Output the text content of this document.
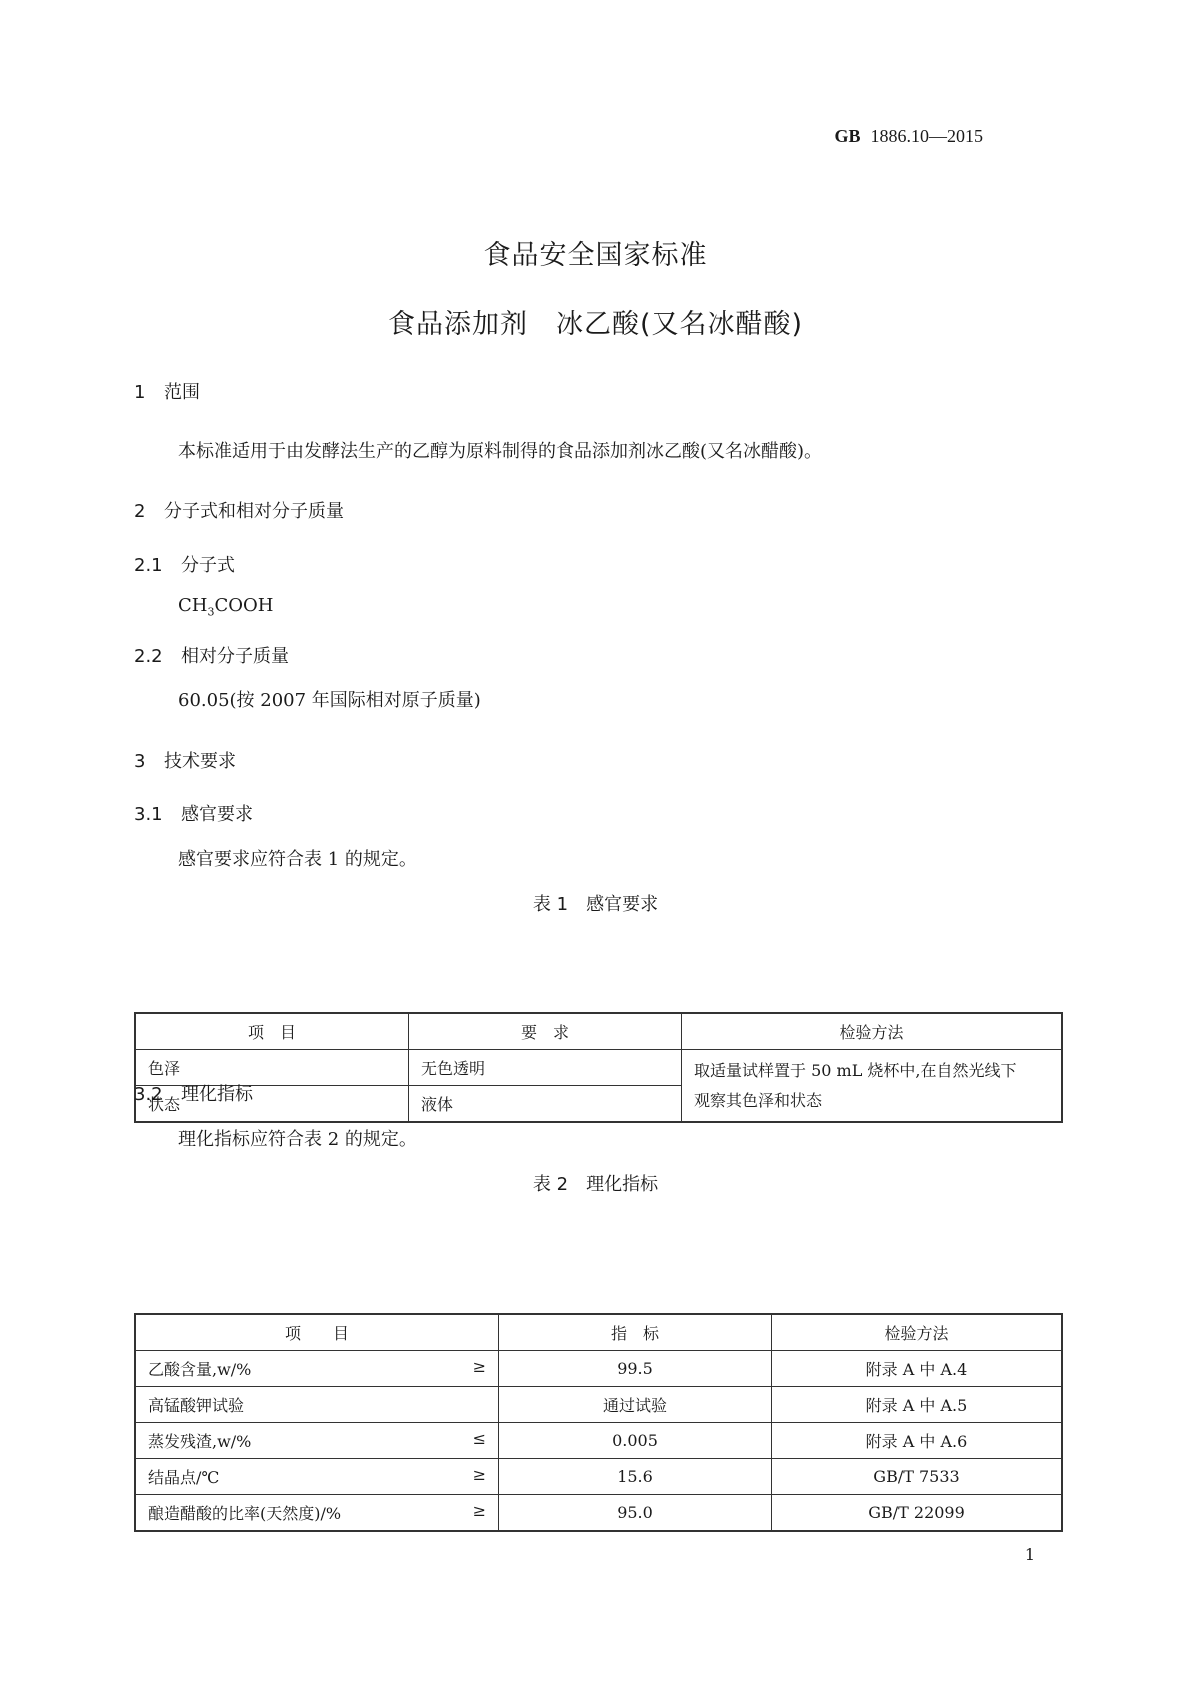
GB 1886.10—2015
食品安全国家标准
食品添加剂　冰乙酸(又名冰醋酸)
1 范围
本标准适用于由发酵法生产的乙醇为原料制得的食品添加剂冰乙酸(又名冰醋酸)。
2 分子式和相对分子质量
2.1 分子式
$CH_3COOH$
2.2 相对分子质量
60.05(按 2007 年国际相对原子质量)
3 技术要求
3.1 感官要求
感官要求应符合表 1 的规定。
表 1　感官要求
项　目	要　求	检验方法
色泽	无色透明	取适量试样置于 50 mL 烧杯中,在自然光线下
观察其色泽和状态
状态	液体	
3.2 理化指标
理化指标应符合表 2 的规定。
表 2　理化指标
项　　目	指　标	检验方法
乙酸含量,w/% ≥	99.5	附录 A 中 A.4
高锰酸钾试验	通过试验	附录 A 中 A.5
蒸发残渣,w/% ≤	0.005	附录 A 中 A.6
结晶点/℃ ≥	15.6	GB/T 7533
酿造醋酸的比率(天然度)/% ≥	95.0	GB/T 22099
1
